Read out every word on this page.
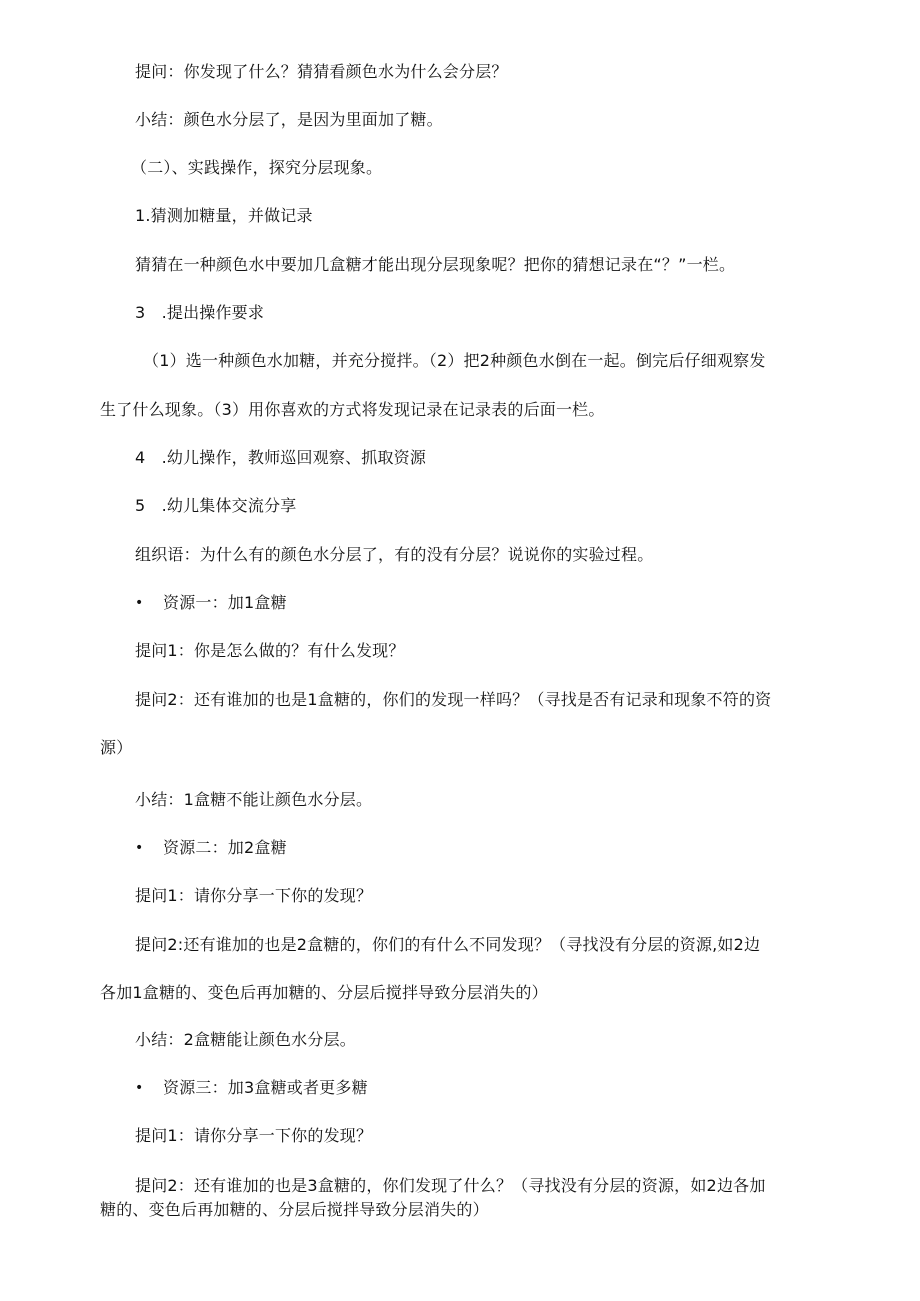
提问：你发现了什么？猜猜看颜色水为什么会分层？
小结：颜色水分层了，是因为里面加了糖。
（二）、实践操作，探究分层现象。
1.猜测加糖量，并做记录
猜猜在一种颜色水中要加几盒糖才能出现分层现象呢？把你的猜想记录在“？”一栏。
3　.提出操作要求
（1）选一种颜色水加糖，并充分搅拌。（2）把2种颜色水倒在一起。倒完后仔细观察发
生了什么现象。（3）用你喜欢的方式将发现记录在记录表的后面一栏。
4　.幼儿操作，教师巡回观察、抓取资源
5　.幼儿集体交流分享
组织语：为什么有的颜色水分层了，有的没有分层？说说你的实验过程。
• 资源一：加1盒糖
提问1：你是怎么做的？有什么发现？
提问2：还有谁加的也是1盒糖的，你们的发现一样吗？（寻找是否有记录和现象不符的资
源）
小结：1盒糖不能让颜色水分层。
• 资源二：加2盒糖
提问1：请你分享一下你的发现？
提问2:还有谁加的也是2盒糖的，你们的有什么不同发现？（寻找没有分层的资源,如2边
各加1盒糖的、变色后再加糖的、分层后搅拌导致分层消失的）
小结：2盒糖能让颜色水分层。
• 资源三：加3盒糖或者更多糖
提问1：请你分享一下你的发现？
提问2：还有谁加的也是3盒糖的，你们发现了什么？（寻找没有分层的资源，如2边各加
糖的、变色后再加糖的、分层后搅拌导致分层消失的）
